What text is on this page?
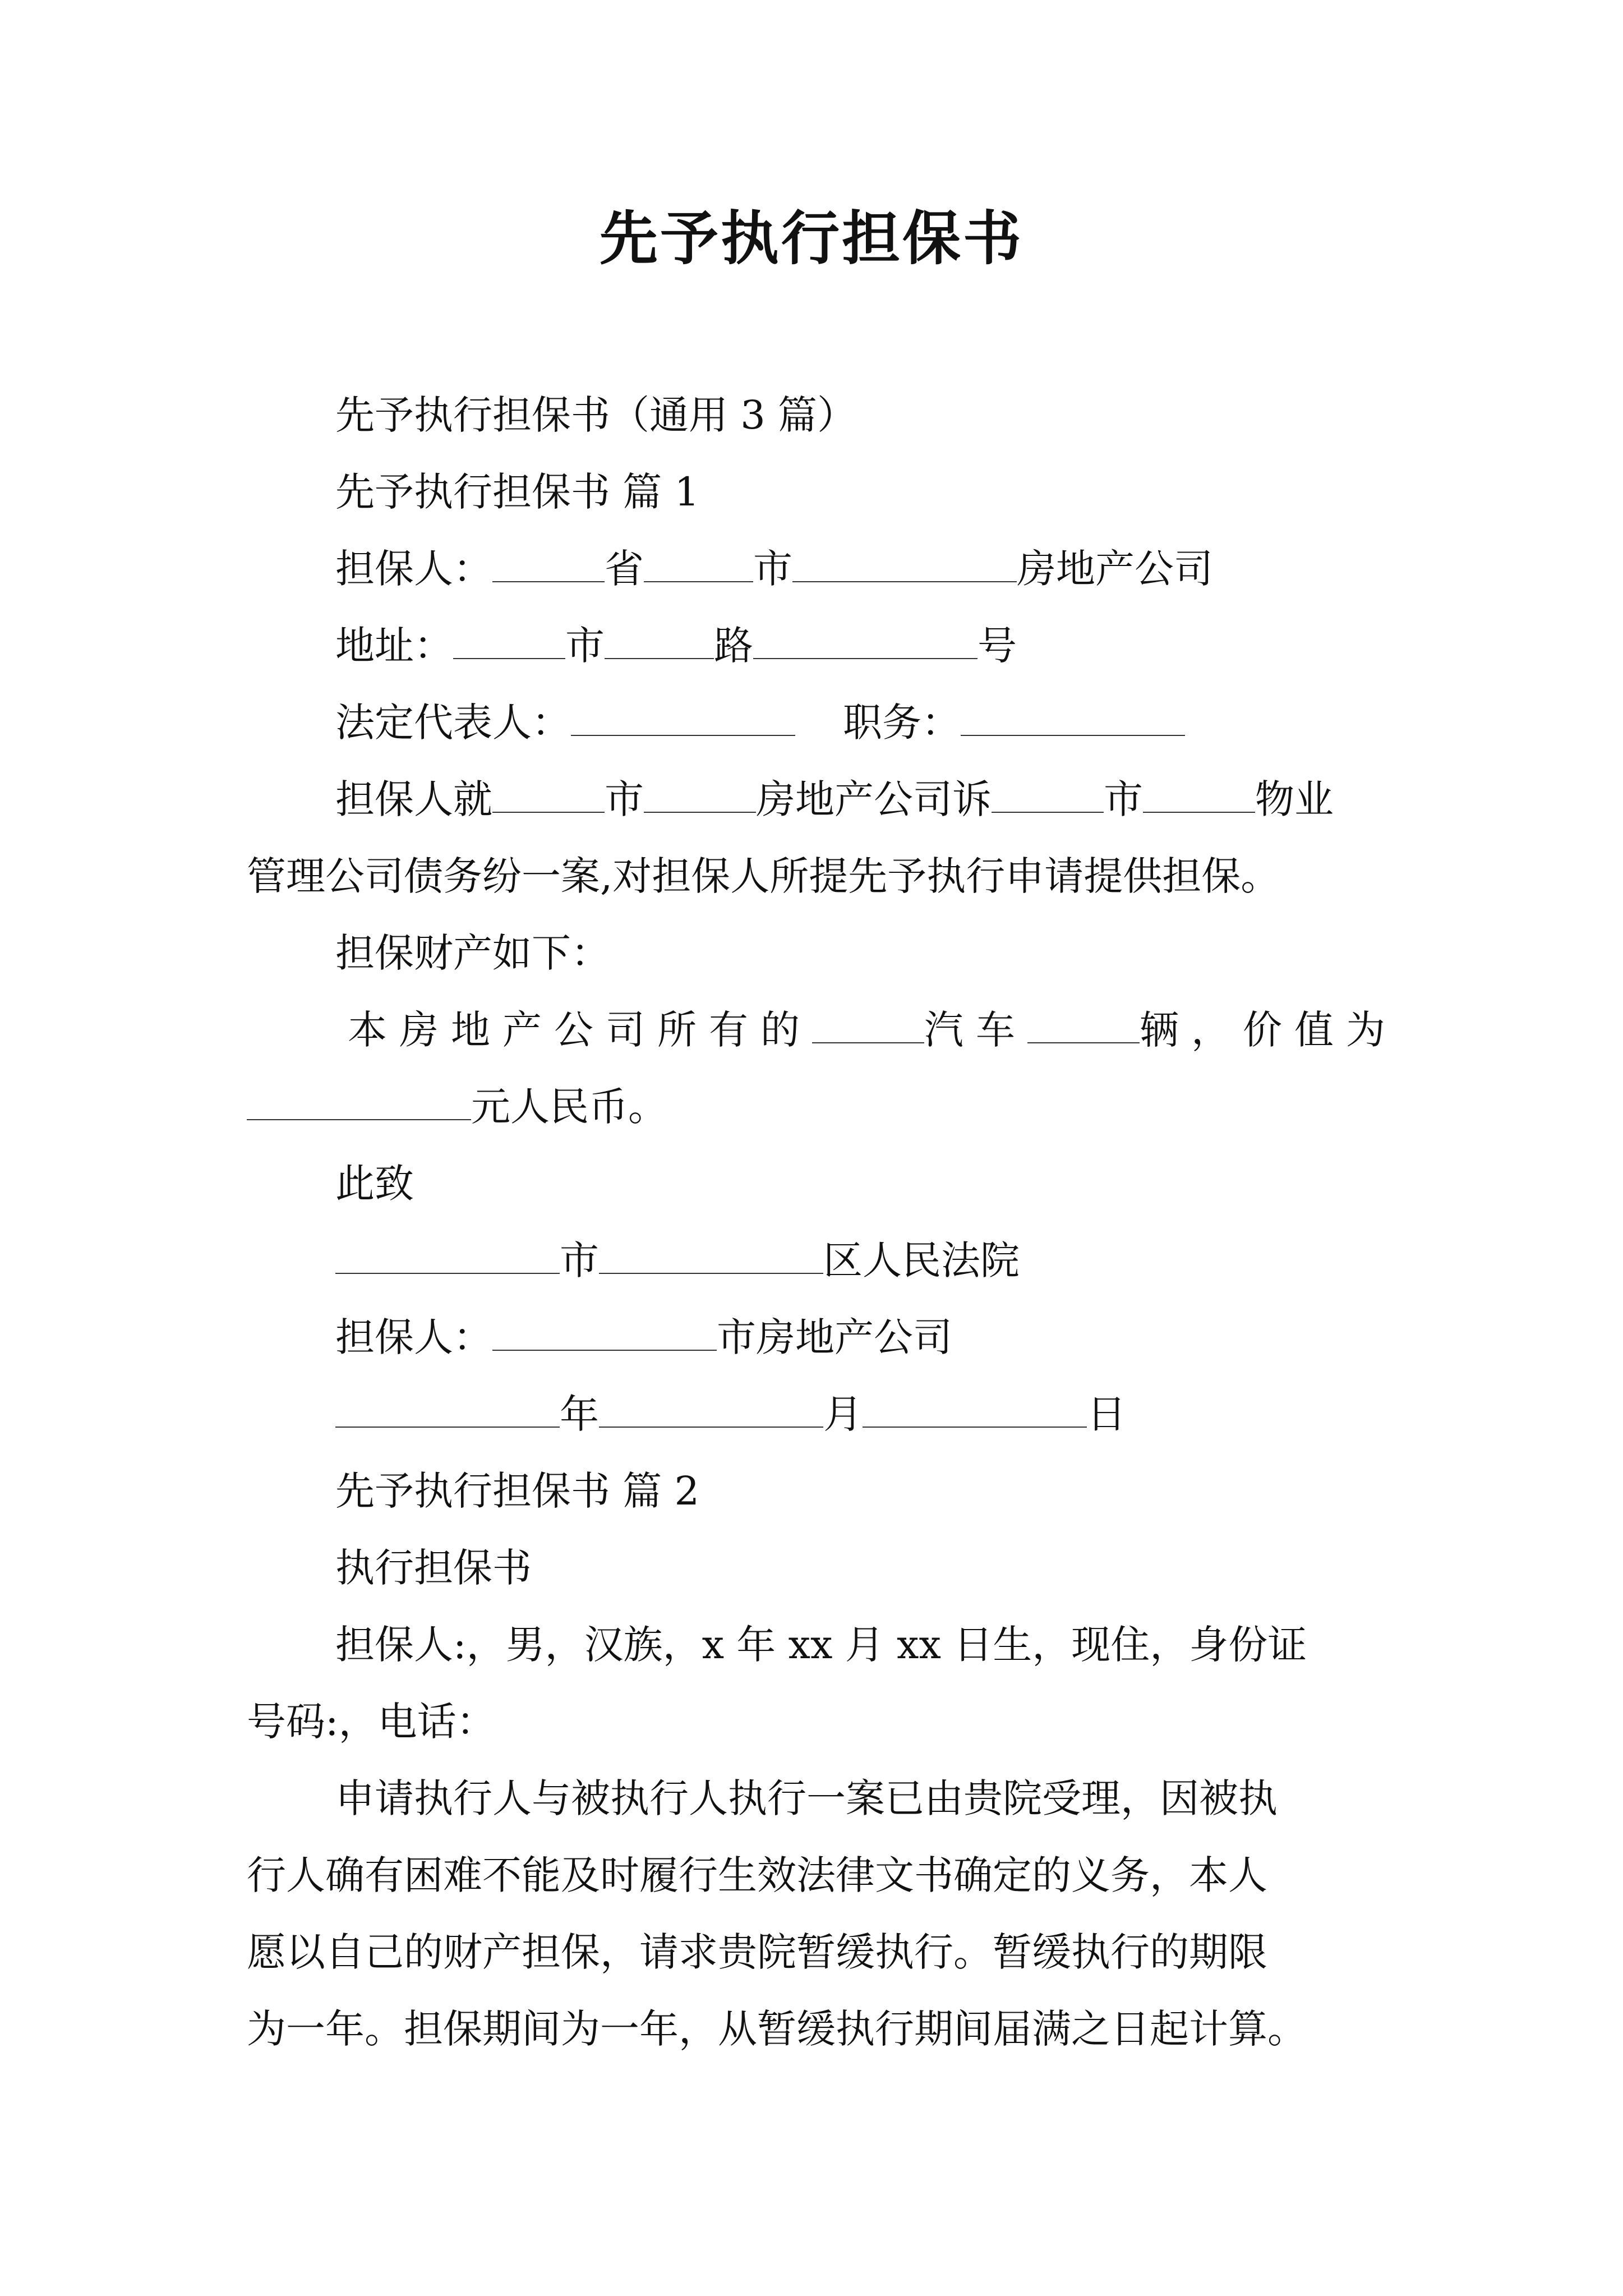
先予执行担保书
先予执行担保书（通用 3 篇）
先予执行担保书 篇 1
担保人：	省	市	房地产公司
地址：	市	路	号
法定代表人：	职务：
担保人就	市	房地产公司诉	市	物业
管理公司债务纷一案,对担保人所提先予执行申请提供担保。
担保财产如下：
本房地产公司所有的	汽车	辆，价值为
元人民币。
此致
市	区人民法院
担保人：	市房地产公司
年	月	日
先予执行担保书 篇 2
执行担保书
担保人:，男，汉族，x 年 xx 月 xx 日生，现住，身份证
号码:，电话：
申请执行人与被执行人执行一案已由贵院受理，因被执
行人确有困难不能及时履行生效法律文书确定的义务，本人
愿以自己的财产担保，请求贵院暂缓执行。暂缓执行的期限
为一年。担保期间为一年，从暂缓执行期间届满之日起计算。
